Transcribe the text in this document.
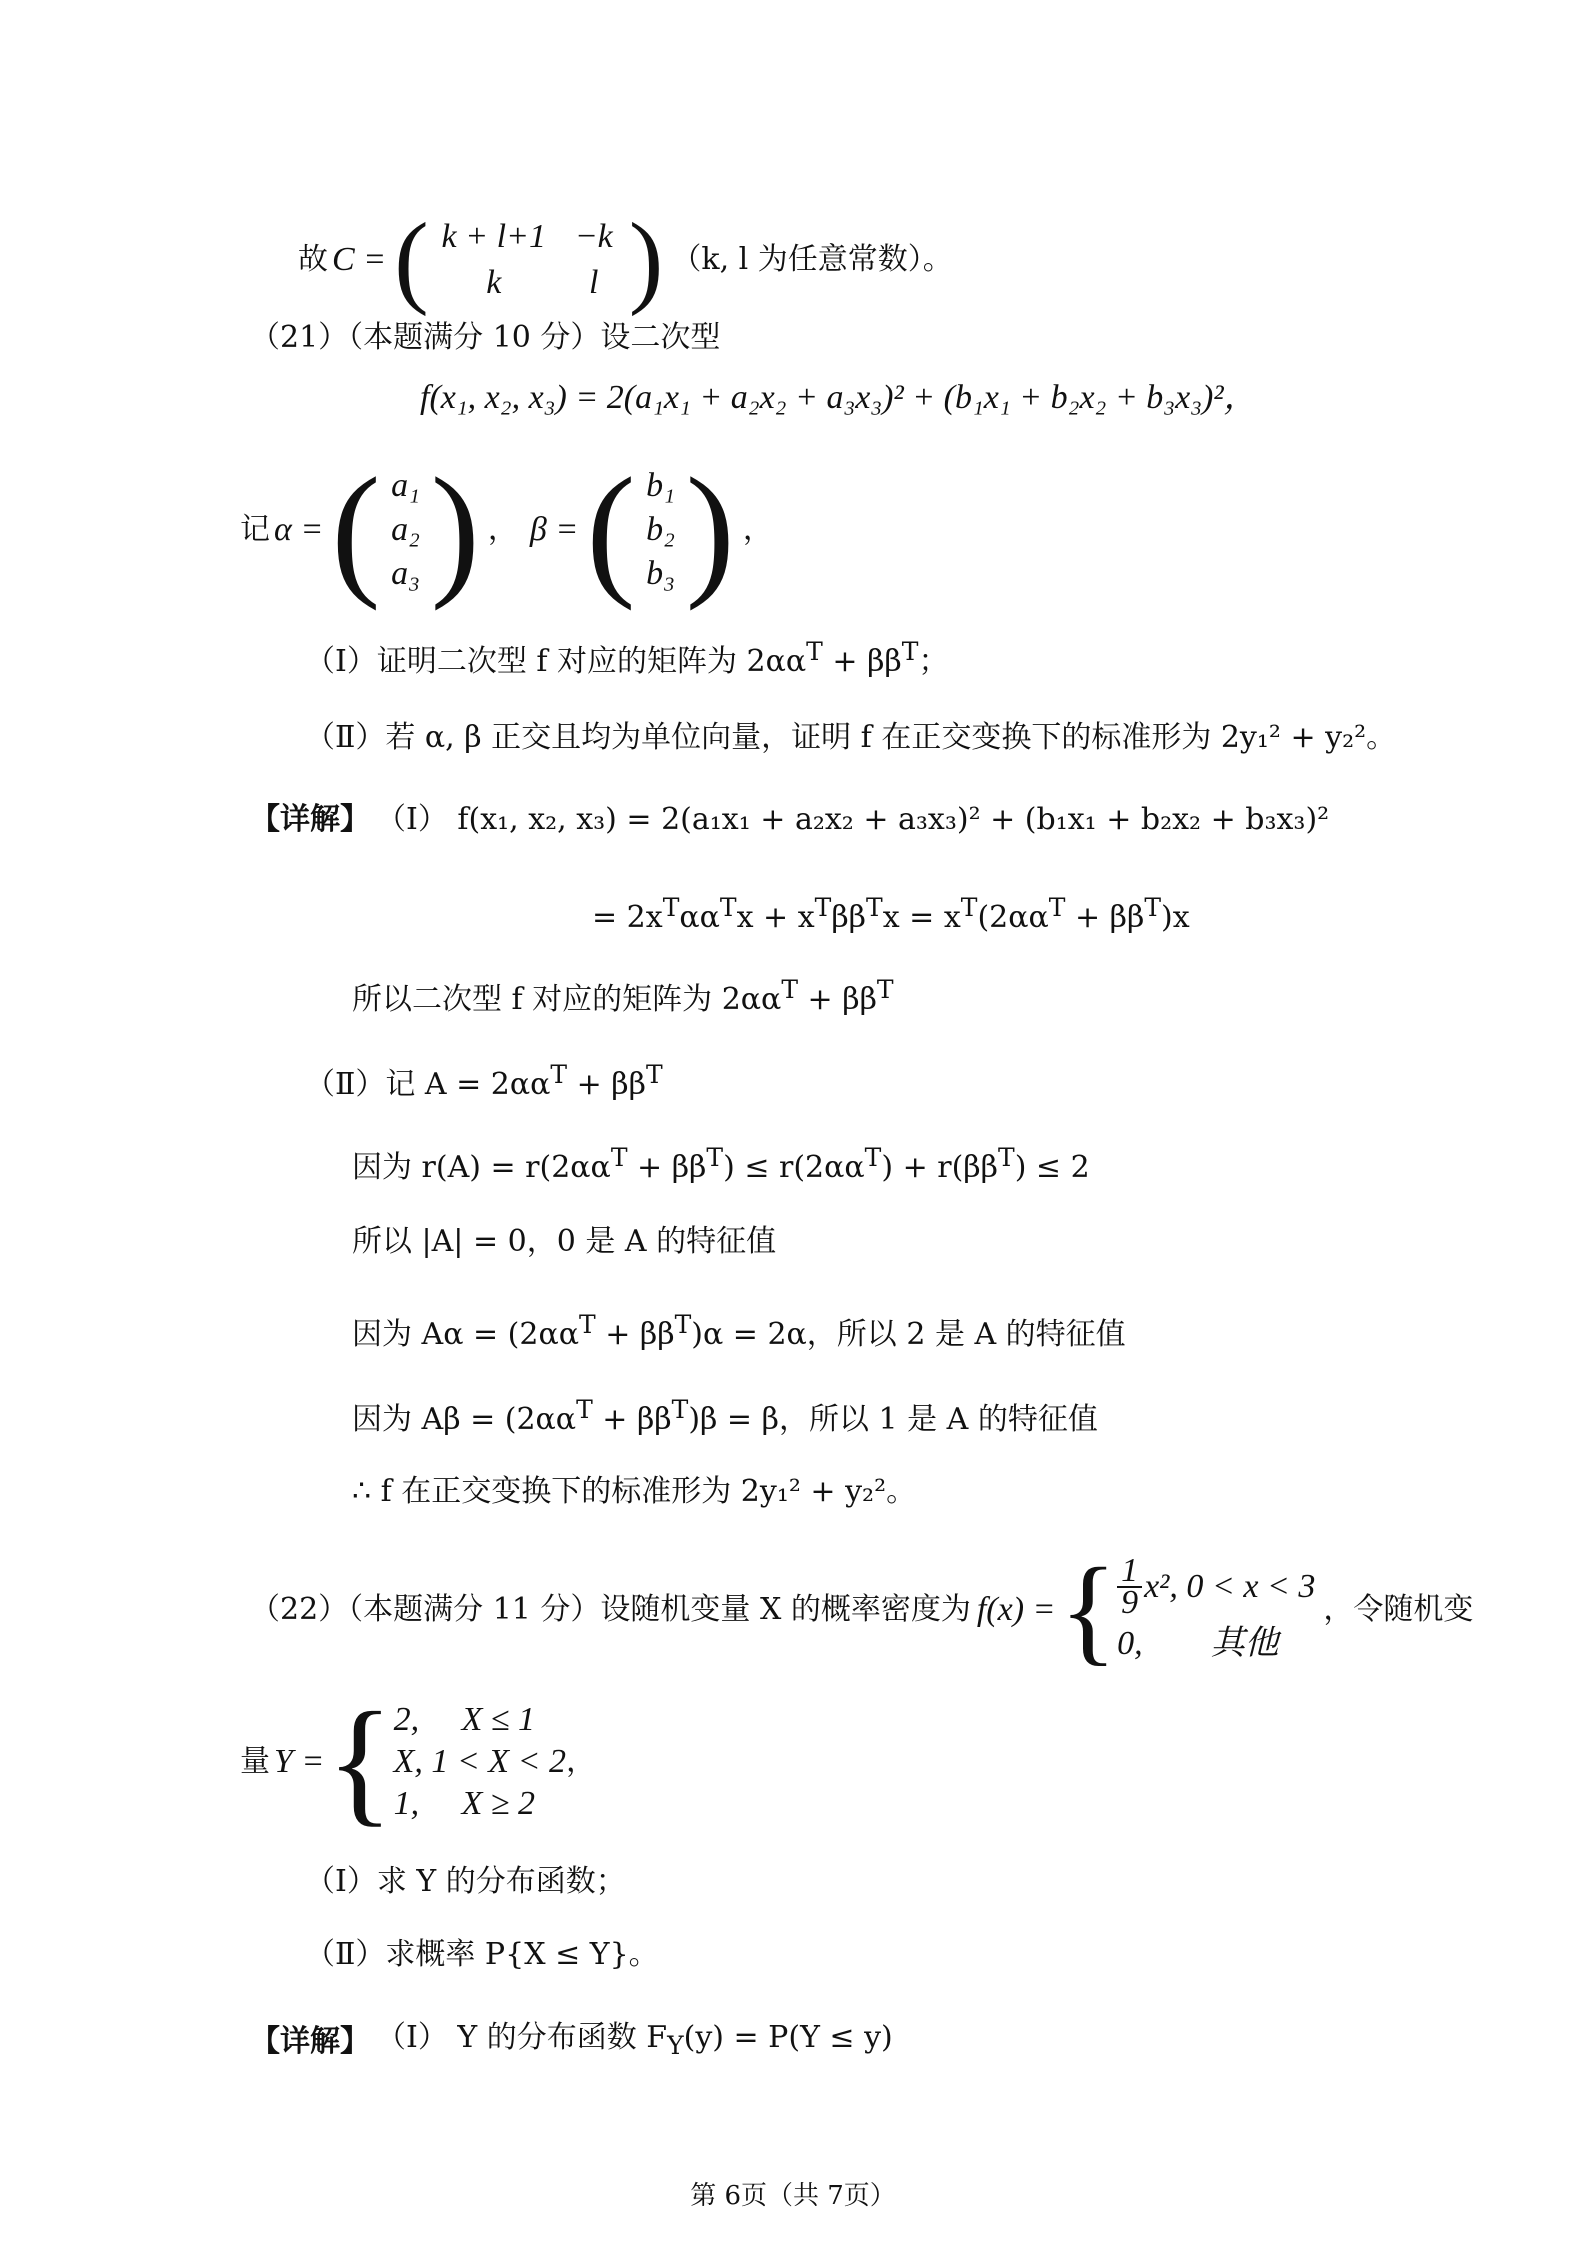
故 C = ( k + l+1 −k
k	l ) （k, l 为任意常数）。
（21）（本题满分 10 分）设二次型
f(x₁, x₂, x₃) = 2(a₁x₁ + a₂x₂ + a₃x₃)² + (b₁x₁ + b₂x₂ + b₃x₃)²，
记 α = ( a₁
a₂
a₃ ) ， β = ( b₁
b₂
b₃ ) ，
（Ⅰ）证明二次型 f 对应的矩阵为 $2\alpha\alpha^T + \beta\beta^T$；
（Ⅱ）若 α, β 正交且均为单位向量，证明 f 在正交变换下的标准形为 2y₁² + y₂²。
【详解】 （Ⅰ） f(x₁, x₂, x₃) = 2(a₁x₁ + a₂x₂ + a₃x₃)² + (b₁x₁ + b₂x₂ + b₃x₃)²
= $2x^T\alpha\alpha^Tx + x^T\beta\beta^Tx = x^T(2\alpha\alpha^T + \beta\beta^T)x$
所以二次型 f 对应的矩阵为 $2\alpha\alpha^T + \beta\beta^T$
（Ⅱ）记 $A = 2\alpha\alpha^T + \beta\beta^T$
因为 $r(A) = r(2\alpha\alpha^T + \beta\beta^T) \le r(2\alpha\alpha^T) + r(\beta\beta^T) \le 2$
所以 |A| = 0，0 是 A 的特征值
因为 $A\alpha = (2\alpha\alpha^T + \beta\beta^T)\alpha = 2\alpha$，所以 2 是 A 的特征值
因为 $A\beta = (2\alpha\alpha^T + \beta\beta^T)\beta = \beta$，所以 1 是 A 的特征值
∴ f 在正交变换下的标准形为 2y₁² + y₂²。
（22）（本题满分 11 分）设随机变量 X 的概率密度为 f(x) = { $\frac{1}{9} x^2$, 0 < x < 3
0,        其他
，令随机变
量 Y = { 2,     X ≤ 1
X, 1 < X < 2
1,     X ≥ 2
，
（Ⅰ）求 Y 的分布函数；
（Ⅱ）求概率 P{X ≤ Y}。
【详解】 （Ⅰ） Y 的分布函数 $F_Y(y) = P(Y \le y)$
第 6页（共 7页）
